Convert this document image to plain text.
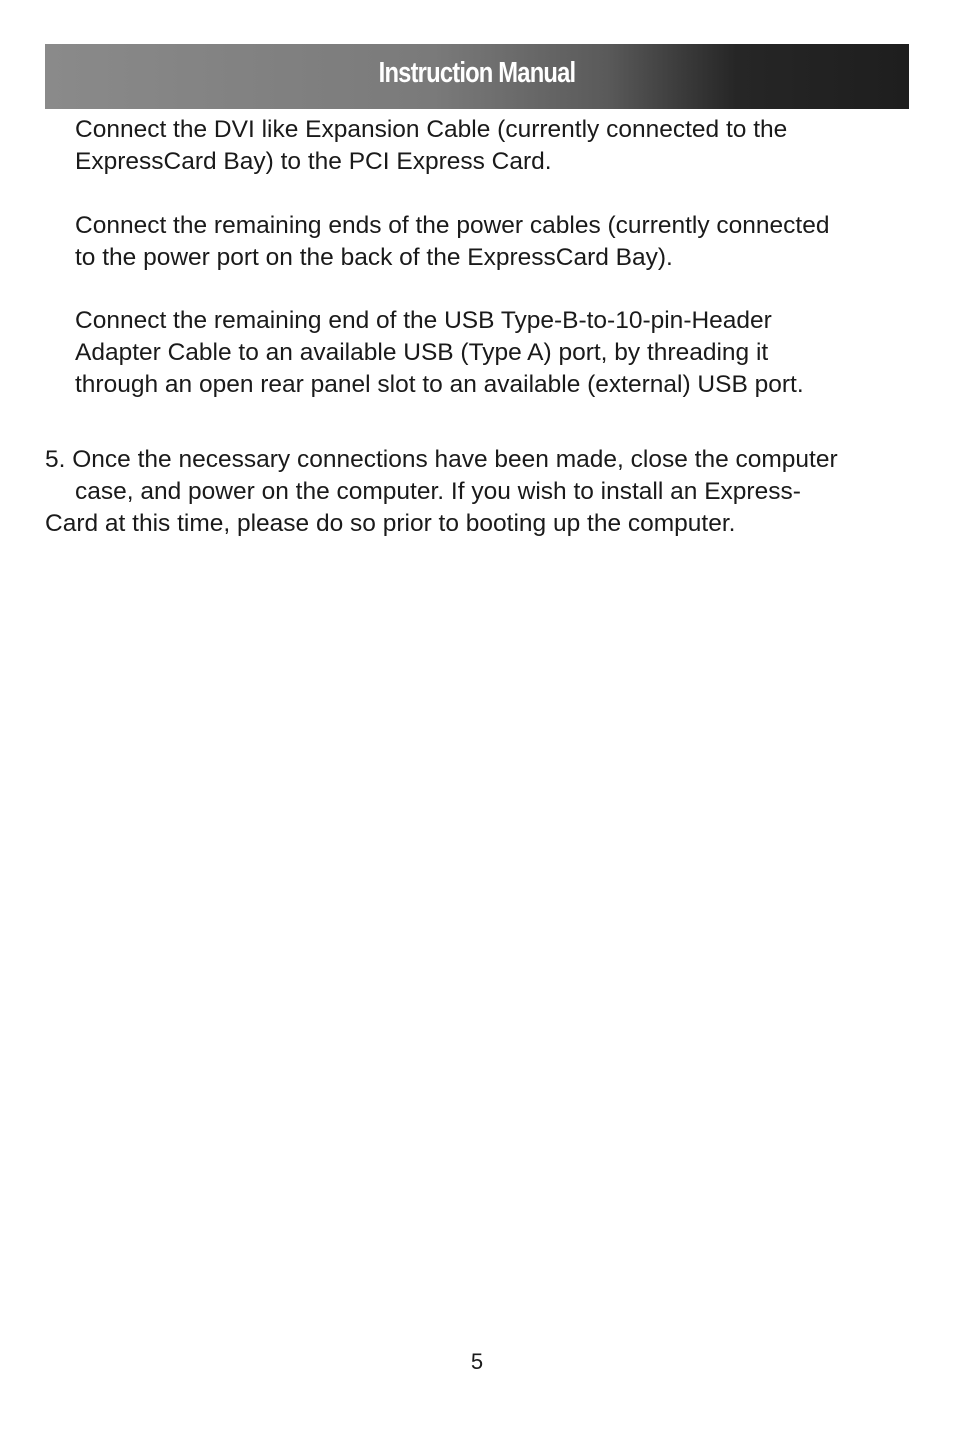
Instruction Manual

Connect the DVI like Expansion Cable (currently connected to the
ExpressCard Bay) to the PCI Express Card.

Connect the remaining ends of the power cables (currently connected
to the power port on the back of the ExpressCard Bay).

Connect the remaining end of the USB Type-B-to-10-pin-Header
Adapter Cable to an available USB (Type A) port, by threading it
through an open rear panel slot to an available (external) USB port.

5. Once the necessary connections have been made, close the computer
case, and power on the computer. If you wish to install an Express-
Card at this time, please do so prior to booting up the computer.

5
